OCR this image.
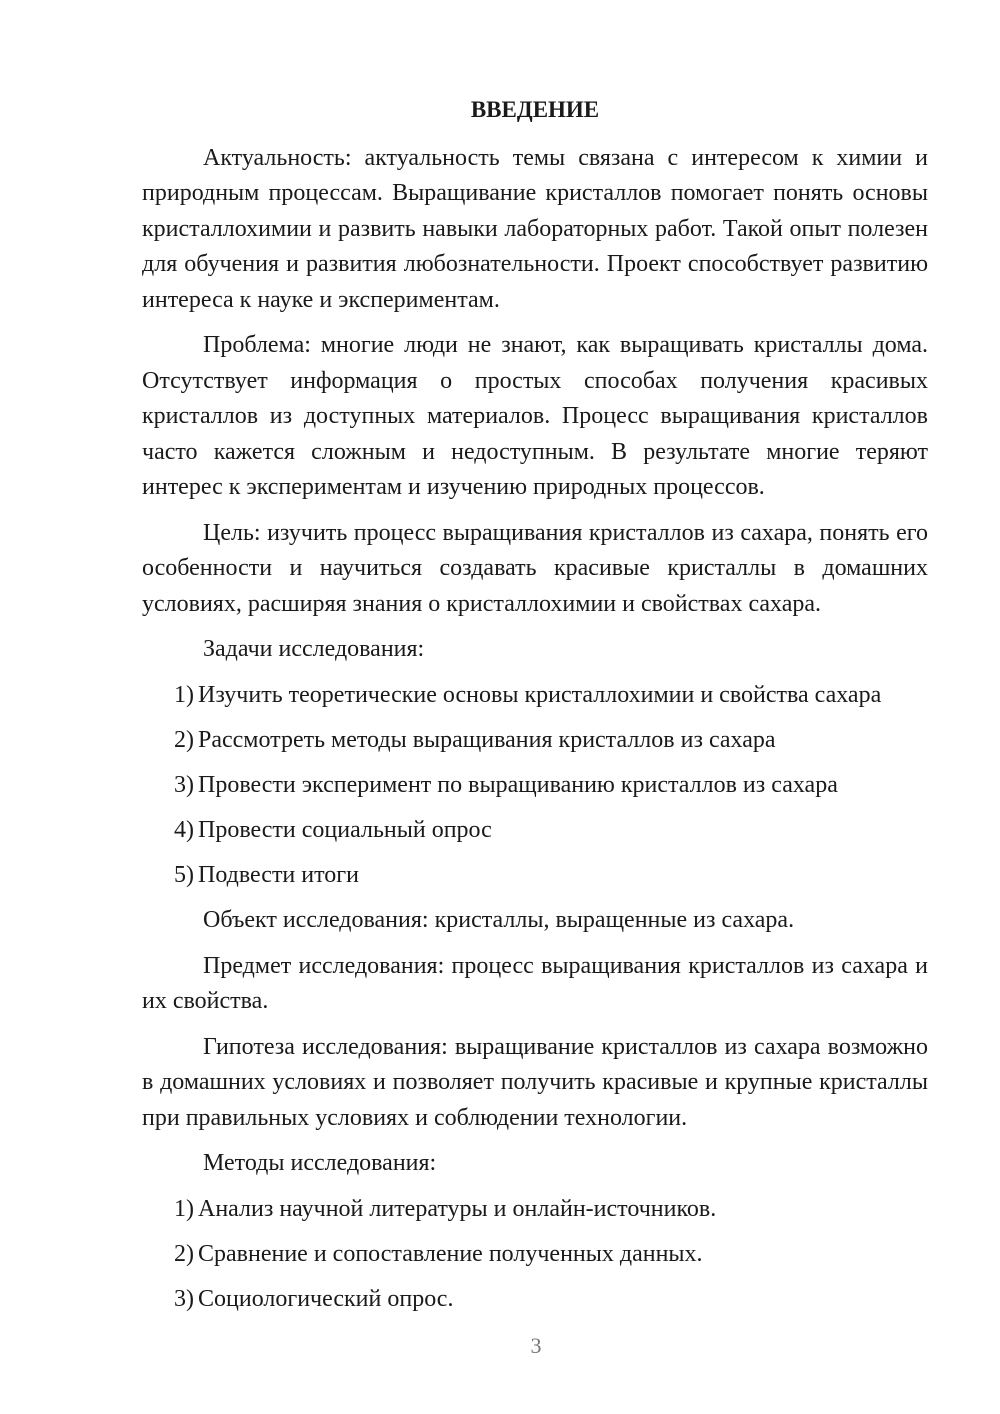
ВВЕДЕНИЕ

Актуальность: актуальность темы связана с интересом к химии и природным процессам. Выращивание кристаллов помогает понять основы кристаллохимии и развить навыки лабораторных работ. Такой опыт полезен для обучения и развития любознательности. Проект способствует развитию интереса к науке и экспериментам.

Проблема: многие люди не знают, как выращивать кристаллы дома. Отсутствует информация о простых способах получения красивых кристаллов из доступных материалов. Процесс выращивания кристаллов часто кажется сложным и недоступным. В результате многие теряют интерес к экспериментам и изучению природных процессов.

Цель: изучить процесс выращивания кристаллов из сахара, понять его особенности и научиться создавать красивые кристаллы в домашних условиях, расширяя знания о кристаллохимии и свойствах сахара.

Задачи исследования:

1) Изучить теоретические основы кристаллохимии и свойства сахара
2) Рассмотреть методы выращивания кристаллов из сахара
3) Провести эксперимент по выращиванию кристаллов из сахара
4) Провести социальный опрос
5) Подвести итоги

Объект исследования: кристаллы, выращенные из сахара.

Предмет исследования: процесс выращивания кристаллов из сахара и их свойства.

Гипотеза исследования: выращивание кристаллов из сахара возможно в домашних условиях и позволяет получить красивые и крупные кристаллы при правильных условиях и соблюдении технологии.

Методы исследования:

1) Анализ научной литературы и онлайн-источников.
2) Сравнение и сопоставление полученных данных.
3) Социологический опрос.
3
